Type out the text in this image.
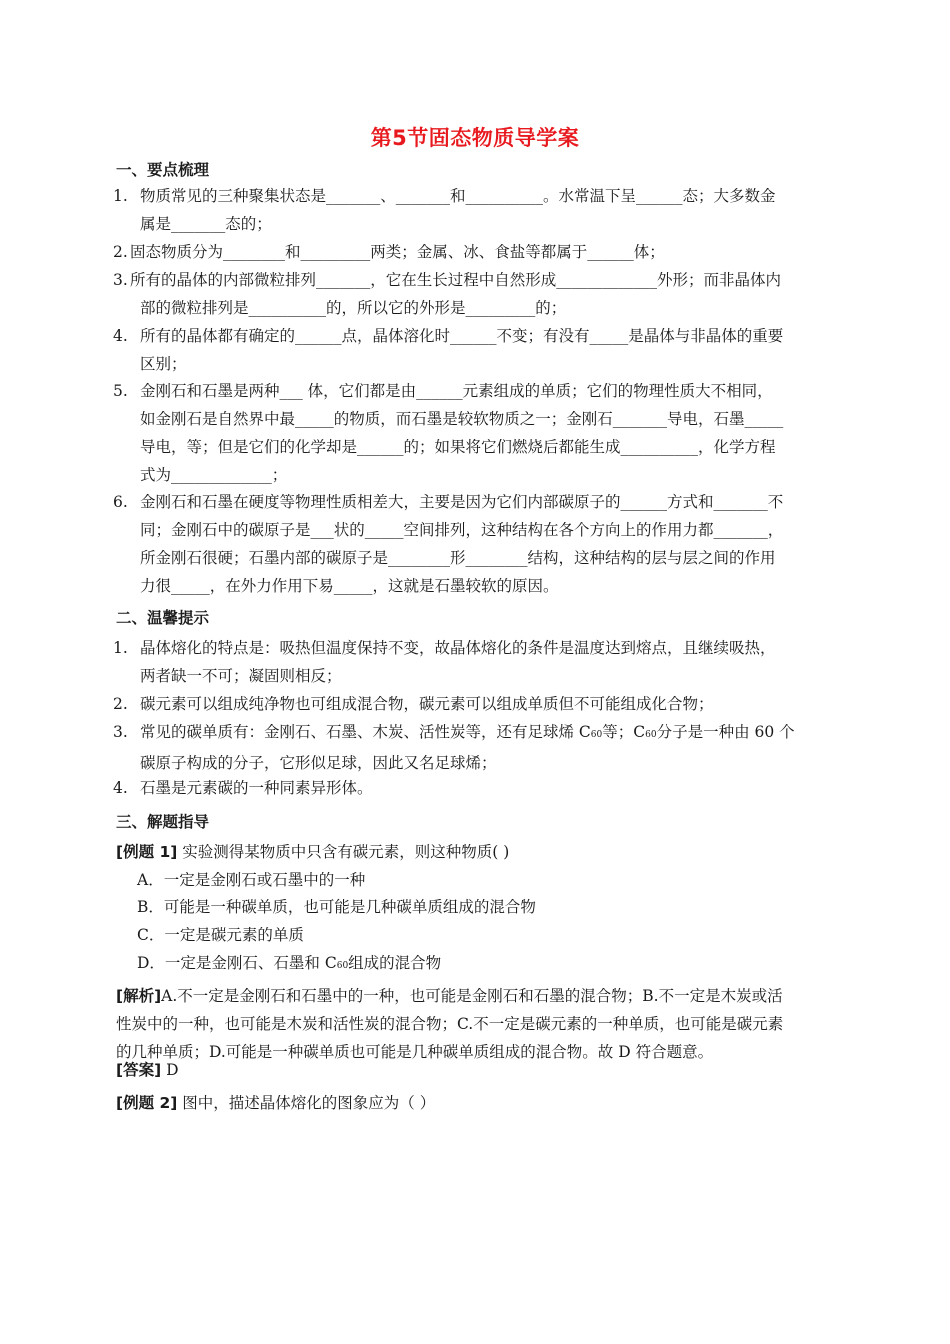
第5节固态物质导学案
一、要点梳理
1. 物质常见的三种聚集状态是_______、_______和__________。水常温下呈______态；大多数金
属是_______态的；
2. 固态物质分为________和_________两类；金属、冰、食盐等都属于______体；
3. 所有的晶体的内部微粒排列_______，它在生长过程中自然形成_____________外形；而非晶体内
部的微粒排列是__________的，所以它的外形是_________的；
4. 所有的晶体都有确定的______点，晶体溶化时______不变；有没有_____是晶体与非晶体的重要
区别；
5. 金刚石和石墨是两种___ 体，它们都是由______元素组成的单质；它们的物理性质大不相同，
如金刚石是自然界中最_____的物质，而石墨是较软物质之一；金刚石_______导电，石墨_____
导电，等；但是它们的化学却是______的；如果将它们燃烧后都能生成__________，化学方程
式为_____________；
6. 金刚石和石墨在硬度等物理性质相差大，主要是因为它们内部碳原子的______方式和_______不
同；金刚石中的碳原子是___状的_____空间排列，这种结构在各个方向上的作用力都_______，
所金刚石很硬；石墨内部的碳原子是________形________结构，这种结构的层与层之间的作用
力很_____，在外力作用下易_____，这就是石墨较软的原因。
二、温馨提示
1. 晶体熔化的特点是：吸热但温度保持不变，故晶体熔化的条件是温度达到熔点，且继续吸热，
两者缺一不可；凝固则相反；
2. 碳元素可以组成纯净物也可组成混合物，碳元素可以组成单质但不可能组成化合物；
3. 常见的碳单质有：金刚石、石墨、木炭、活性炭等，还有足球烯 C60等；C60分子是一种由 60 个
碳原子构成的分子，它形似足球，因此又名足球烯；
4. 石墨是元素碳的一种同素异形体。
三、解题指导
[例题 1] 实验测得某物质中只含有碳元素，则这种物质( )
A．一定是金刚石或石墨中的一种
B．可能是一种碳单质，也可能是几种碳单质组成的混合物
C．一定是碳元素的单质
D．一定是金刚石、石墨和 C60组成的混合物
[解析]A.不一定是金刚石和石墨中的一种，也可能是金刚石和石墨的混合物；B.不一定是木炭或活
性炭中的一种，也可能是木炭和活性炭的混合物；C.不一定是碳元素的一种单质，也可能是碳元素
的几种单质；D.可能是一种碳单质也可能是几种碳单质组成的混合物。故 D 符合题意。
[答案] D
[例题 2] 图中，描述晶体熔化的图象应为（ ）
